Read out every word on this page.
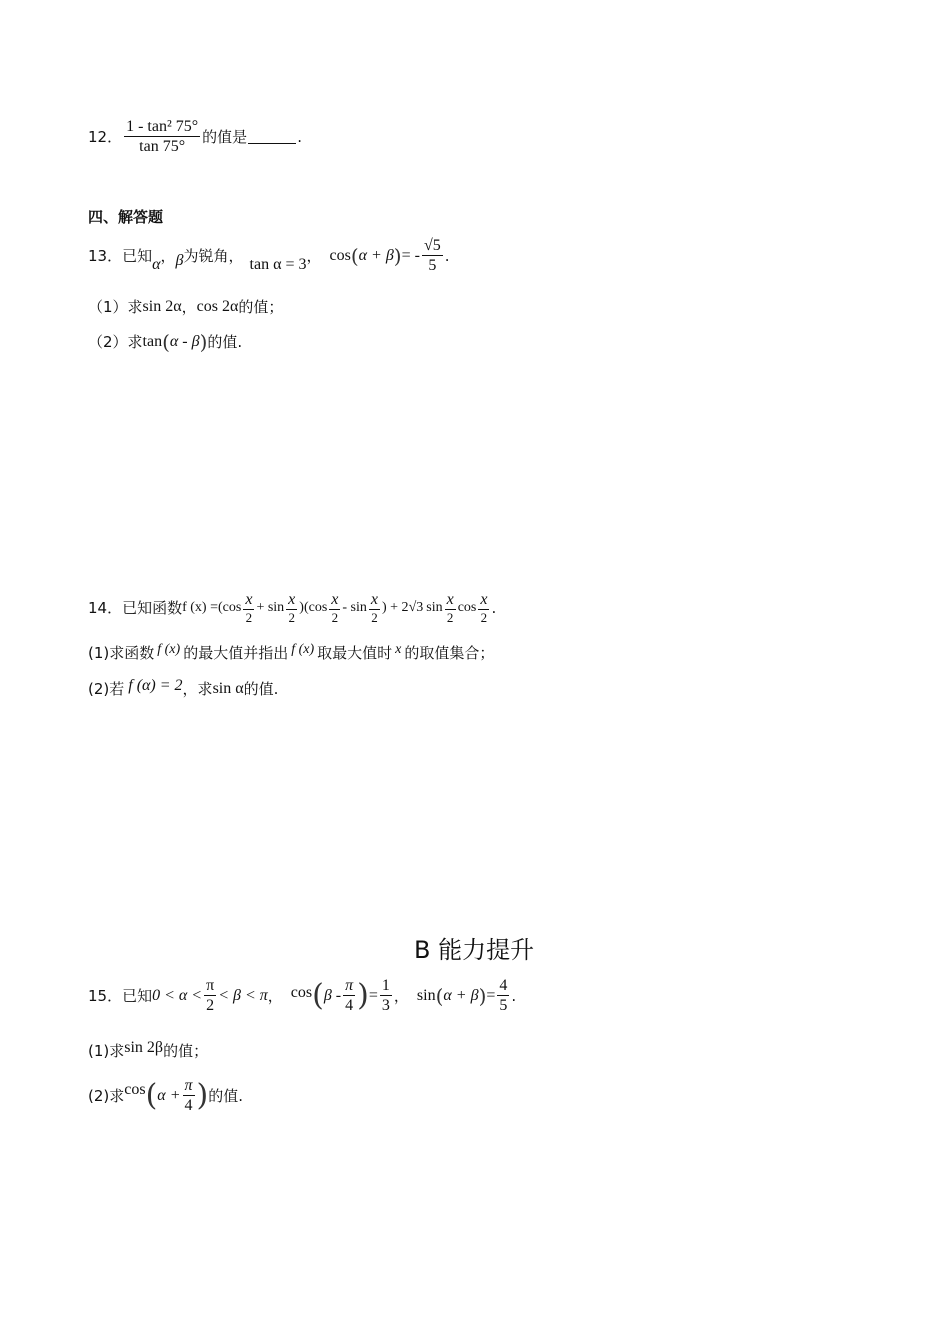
12． $\frac{\text{1 - tan² 75°}}{\tan 75^\circ}$ 的值是	.
四、解答题
13． 已知 α ， β 为锐角， tan α = 3 ， cos ( α + β ) = - $\frac{√5}{5}$ .
（1）求 sin 2α ， cos 2α 的值；
（2）求 tan ( α - β ) 的值.
14． 已知函数 f $(x) =(\cos \frac{x}{2} + \sin \frac{x}{2} )(\cos \frac{x}{2} - \sin \frac{x}{2}$ ) + 2 √3 $\sin \frac{x}{2}$ $\cos \frac{x}{2}$ .
(1)求函数 f (x) 的最大值并指出 f (x) 取最大值时 x 的取值集合；
(2)若 f (α) = 2 ，求 sin α 的值.
B 能力提升
15． 已知 $0 < \alpha < \frac{\pi}{2} < \beta < \pi$ ， cos ( β - $\frac{\pi}{4}$ ) = $\frac{1}{3}$ ， sin ( α + β ) = $\frac{4}{5}$ .
(1)求 sin 2β 的值；
(2)求 cos ( $\alpha + \frac{\pi}{4}$ ) 的值.
